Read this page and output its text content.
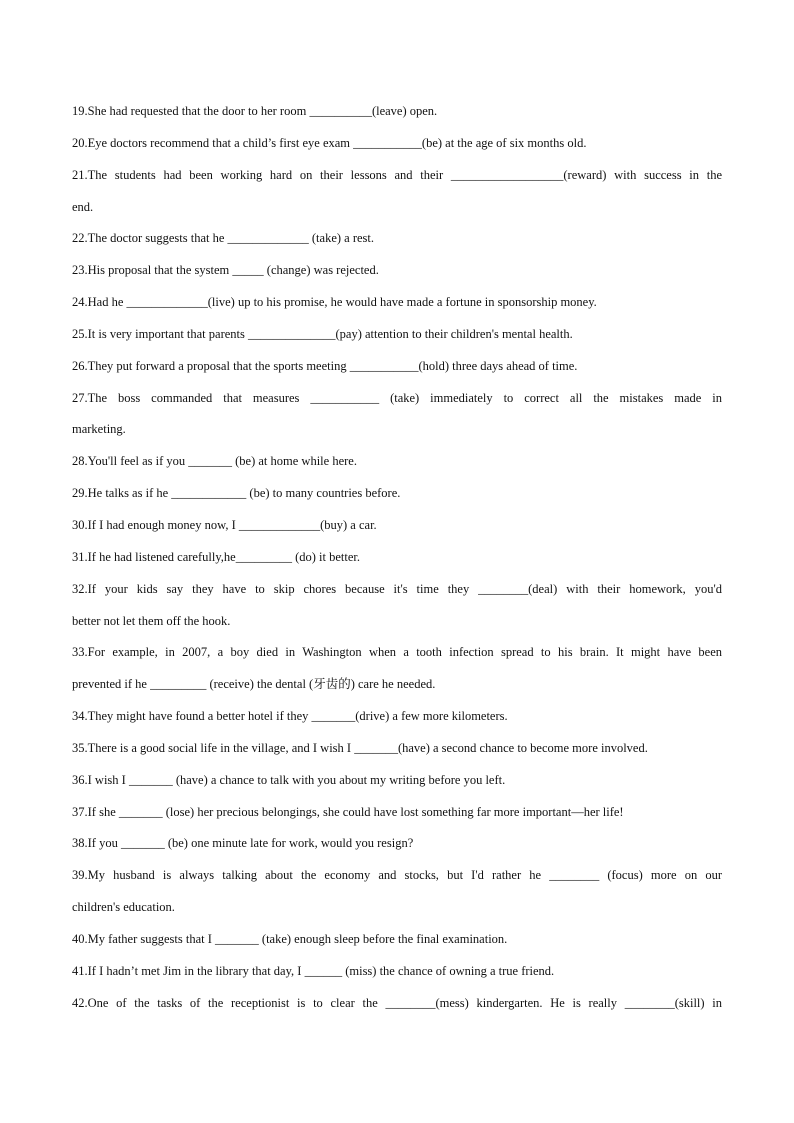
19.She had requested that the door to her room __________(leave) open.
20.Eye doctors recommend that a child’s first eye exam ___________(be) at the age of six months old.
21.The students had been working hard on their lessons and their __________________(reward) with success in the
end.
22.The doctor suggests that he _____________ (take) a rest.
23.His proposal that the system _____ (change) was rejected.
24.Had he _____________(live) up to his promise, he would have made a fortune in sponsorship money.
25.It is very important that parents ______________(pay) attention to their children's mental health.
26.They put forward a proposal that the sports meeting ___________(hold) three days ahead of time.
27.The boss commanded that measures ___________ (take) immediately to correct all the mistakes made in
marketing.
28.You'll feel as if you _______ (be) at home while here.
29.He talks as if he ____________ (be) to many countries before.
30.If I had enough money now, I _____________(buy) a car.
31.If he had listened carefully,he_________ (do) it better.
32.If your kids say they have to skip chores because it's time they ________(deal) with their homework, you'd
better not let them off the hook.
33.For example, in 2007, a boy died in Washington when a tooth infection spread to his brain. It might have been
prevented if he _________ (receive) the dental (牙齿的) care he needed.
34.They might have found a better hotel if they _______(drive) a few more kilometers.
35.There is a good social life in the village, and I wish I _______(have) a second chance to become more involved.
36.I wish I _______ (have) a chance to talk with you about my writing before you left.
37.If she _______ (lose) her precious belongings, she could have lost something far more important—her life!
38.If you _______ (be) one minute late for work, would you resign?
39.My husband is always talking about the economy and stocks, but I'd rather he ________ (focus) more on our
children's education.
40.My father suggests that I _______ (take) enough sleep before the final examination.
41.If I hadn’t met Jim in the library that day, I ______ (miss) the chance of owning a true friend.
42.One of the tasks of the receptionist is to clear the ________(mess) kindergarten. He is really ________(skill) in
